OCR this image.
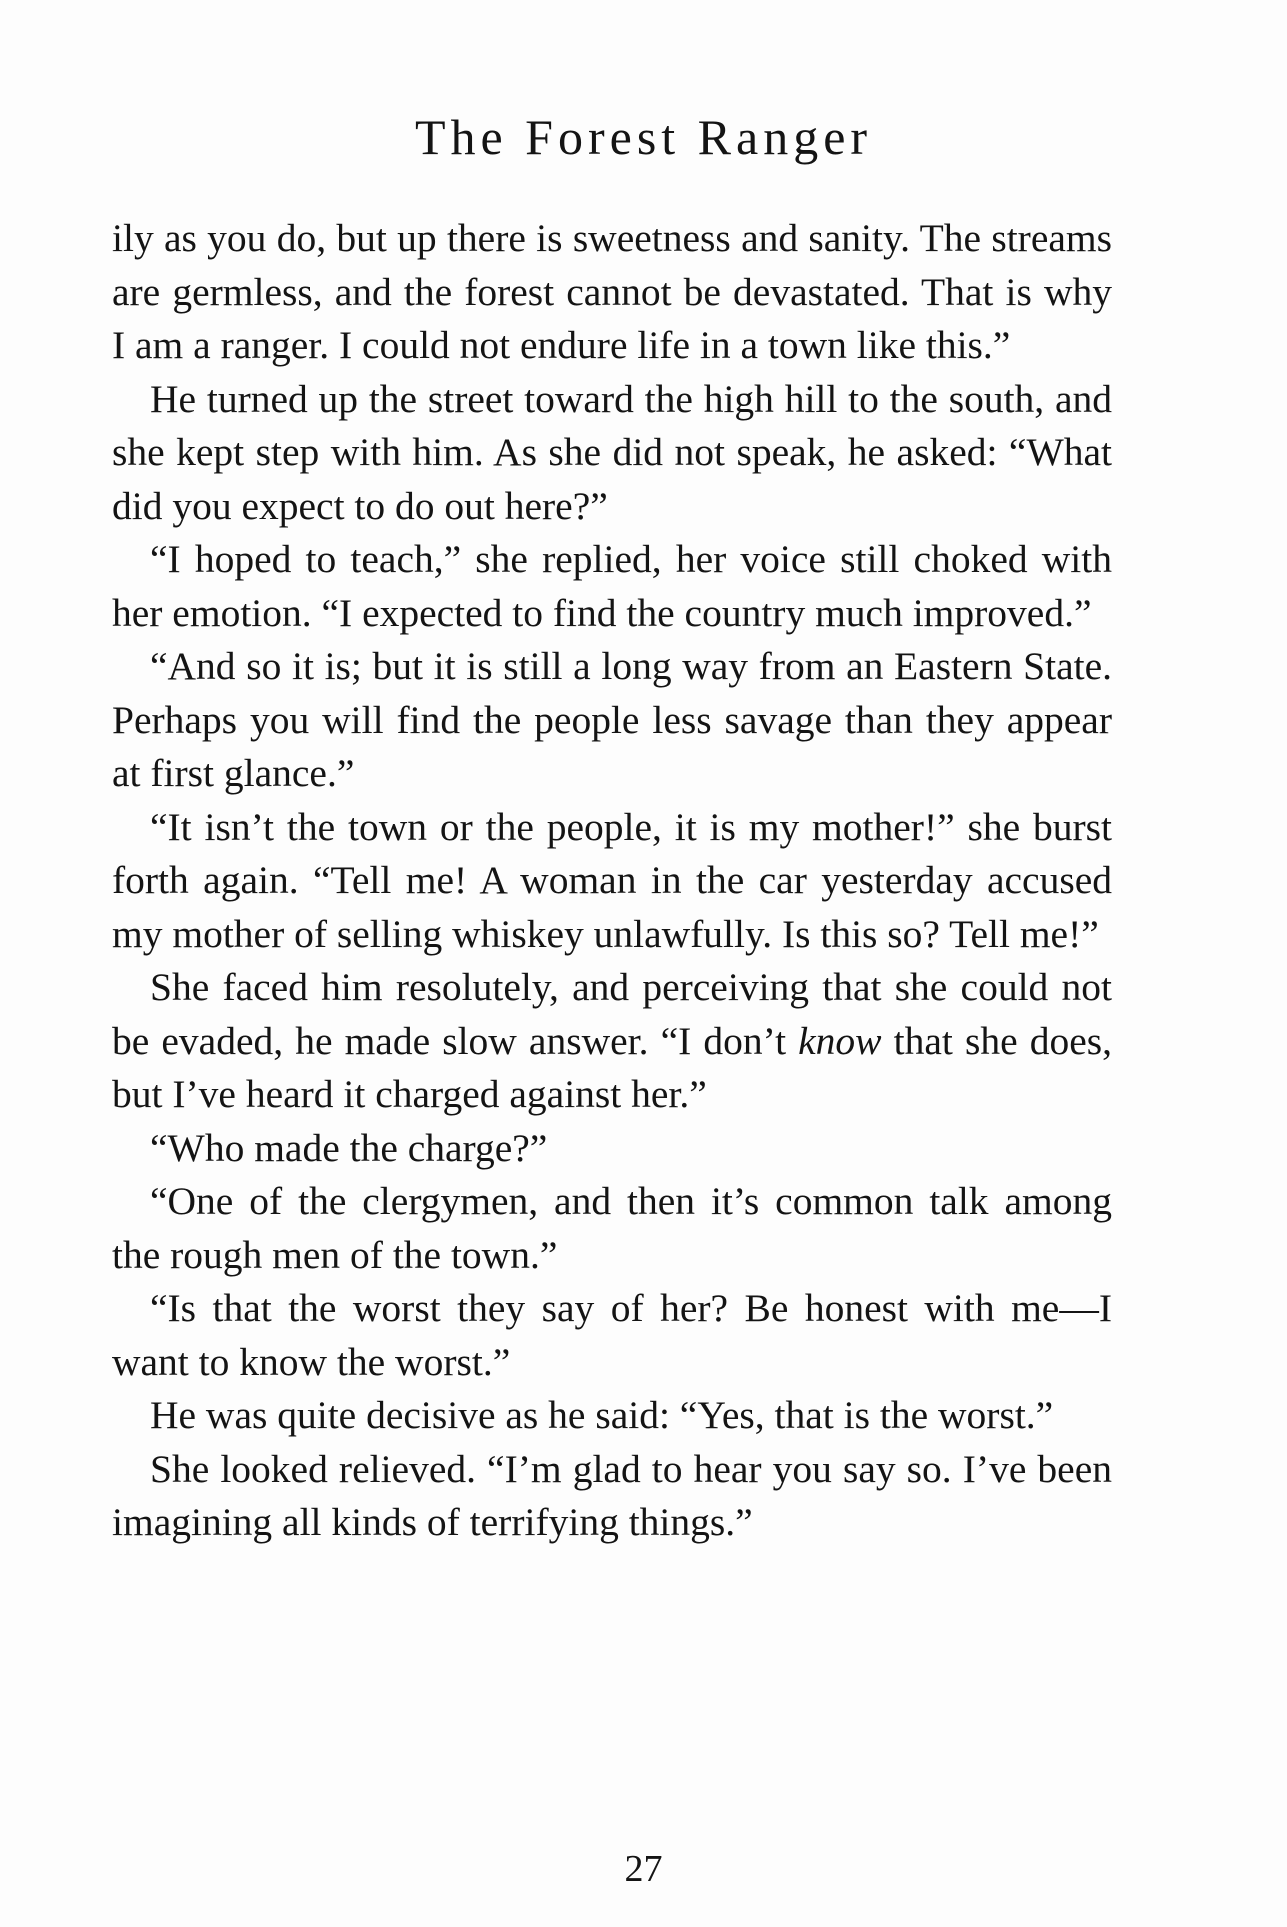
The Forest Ranger

ily as you do, but up there is sweetness and sanity. The streams are germless, and the forest cannot be devastated. That is why I am a ranger. I could not endure life in a town like this.”

He turned up the street toward the high hill to the south, and she kept step with him. As she did not speak, he asked: “What did you expect to do out here?”

“I hoped to teach,” she replied, her voice still choked with her emotion. “I expected to find the country much improved.”

“And so it is; but it is still a long way from an Eastern State. Perhaps you will find the people less savage than they appear at first glance.”

“It isn’t the town or the people, it is my mother!” she burst forth again. “Tell me! A woman in the car yesterday accused my mother of selling whiskey unlawfully. Is this so? Tell me!”

She faced him resolutely, and perceiving that she could not be evaded, he made slow answer. “I don’t know that she does, but I’ve heard it charged against her.”

“Who made the charge?”

“One of the clergymen, and then it’s common talk among the rough men of the town.”

“Is that the worst they say of her? Be honest with me—I want to know the worst.”

He was quite decisive as he said: “Yes, that is the worst.”

She looked relieved. “I’m glad to hear you say so. I’ve been imagining all kinds of terrifying things.”

27
